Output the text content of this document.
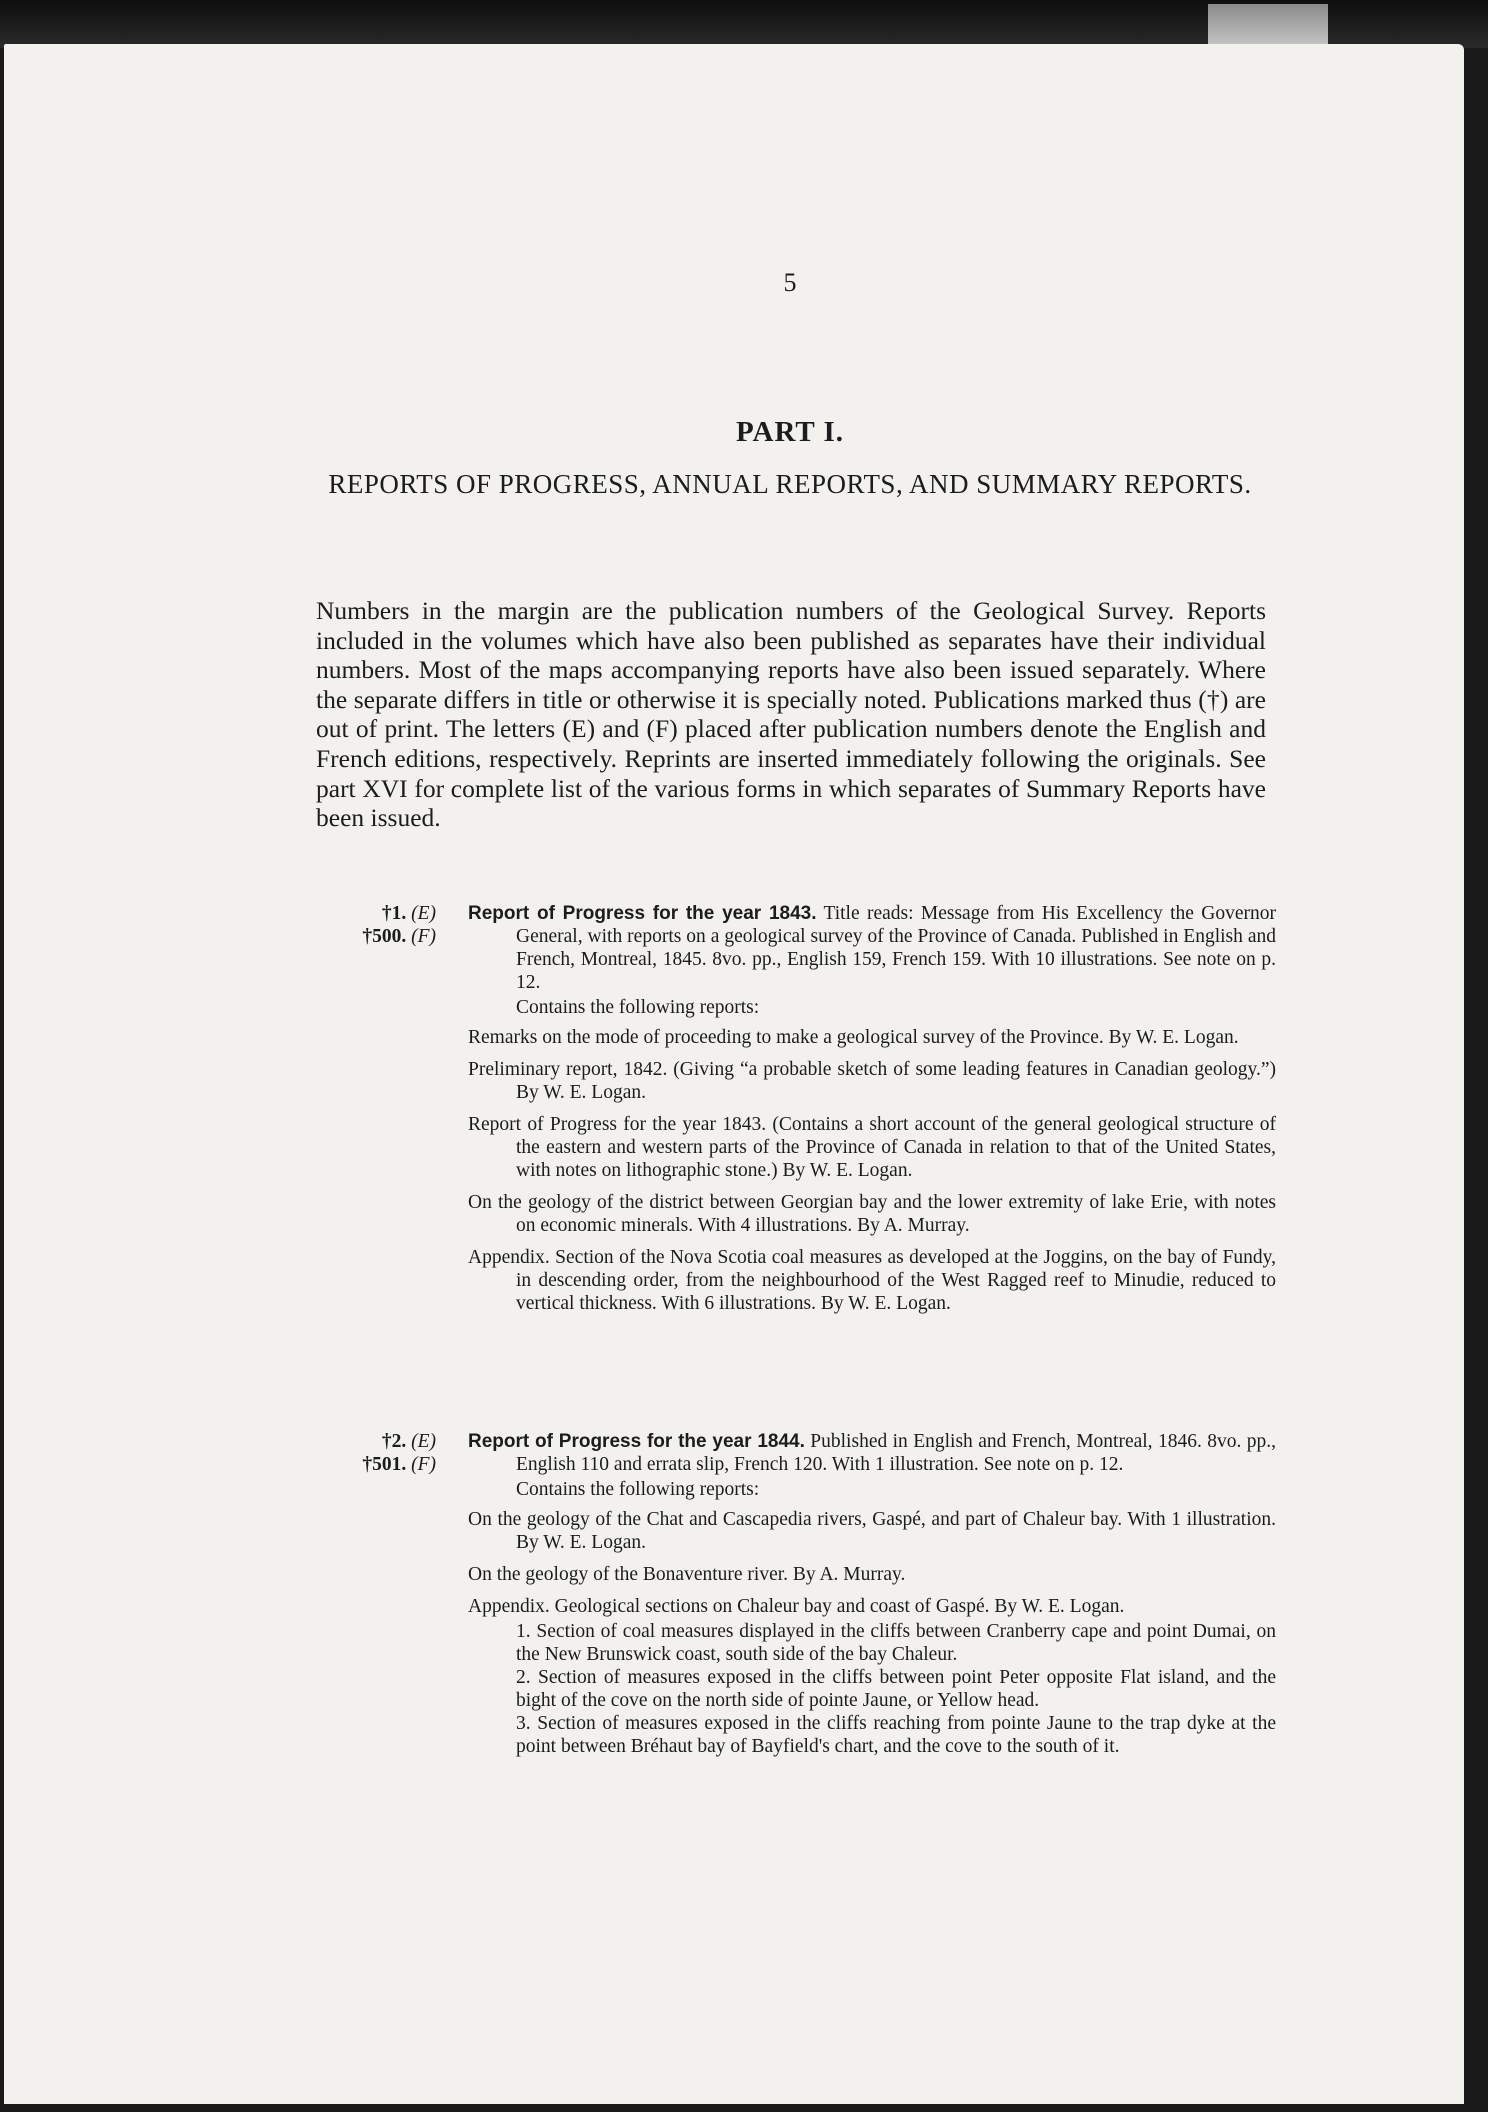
5
PART I.
REPORTS OF PROGRESS, ANNUAL REPORTS, AND SUMMARY REPORTS.

Numbers in the margin are the publication numbers of the Geological Survey. Reports included in the volumes which have also been published as separates have their individual numbers. Most of the maps accompanying reports have also been issued separately. Where the separate differs in title or otherwise it is specially noted. Publications marked thus (†) are out of print. The letters (E) and (F) placed after publication numbers denote the English and French editions, respectively. Reprints are inserted immediately following the originals. See part XVI for complete list of the various forms in which separates of Summary Reports have been issued.

†1. (E)
†500. (F)

Report of Progress for the year 1843. Title reads: Message from His Excellency the Governor General, with reports on a geological survey of the Province of Canada. Published in English and French, Montreal, 1845. 8vo. pp., English 159, French 159. With 10 illustrations. See note on p. 12.

Contains the following reports:

Remarks on the mode of proceeding to make a geological survey of the Province. By W. E. Logan.

Preliminary report, 1842. (Giving “a probable sketch of some leading features in Canadian geology.”) By W. E. Logan.

Report of Progress for the year 1843. (Contains a short account of the general geological structure of the eastern and western parts of the Province of Canada in relation to that of the United States, with notes on lithographic stone.) By W. E. Logan.

On the geology of the district between Georgian bay and the lower extremity of lake Erie, with notes on economic minerals. With 4 illustrations. By A. Murray.

Appendix. Section of the Nova Scotia coal measures as developed at the Joggins, on the bay of Fundy, in descending order, from the neighbourhood of the West Ragged reef to Minudie, reduced to vertical thickness. With 6 illustrations. By W. E. Logan.

†2. (E)
†501. (F)

Report of Progress for the year 1844. Published in English and French, Montreal, 1846. 8vo. pp., English 110 and errata slip, French 120. With 1 illustration. See note on p. 12.

Contains the following reports:

On the geology of the Chat and Cascapedia rivers, Gaspé, and part of Chaleur bay. With 1 illustration. By W. E. Logan.

On the geology of the Bonaventure river. By A. Murray.

Appendix. Geological sections on Chaleur bay and coast of Gaspé. By W. E. Logan.

1. Section of coal measures displayed in the cliffs between Cranberry cape and point Dumai, on the New Brunswick coast, south side of the bay Chaleur.
2. Section of measures exposed in the cliffs between point Peter opposite Flat island, and the bight of the cove on the north side of pointe Jaune, or Yellow head.
3. Section of measures exposed in the cliffs reaching from pointe Jaune to the trap dyke at the point between Bréhaut bay of Bayfield's chart, and the cove to the south of it.
